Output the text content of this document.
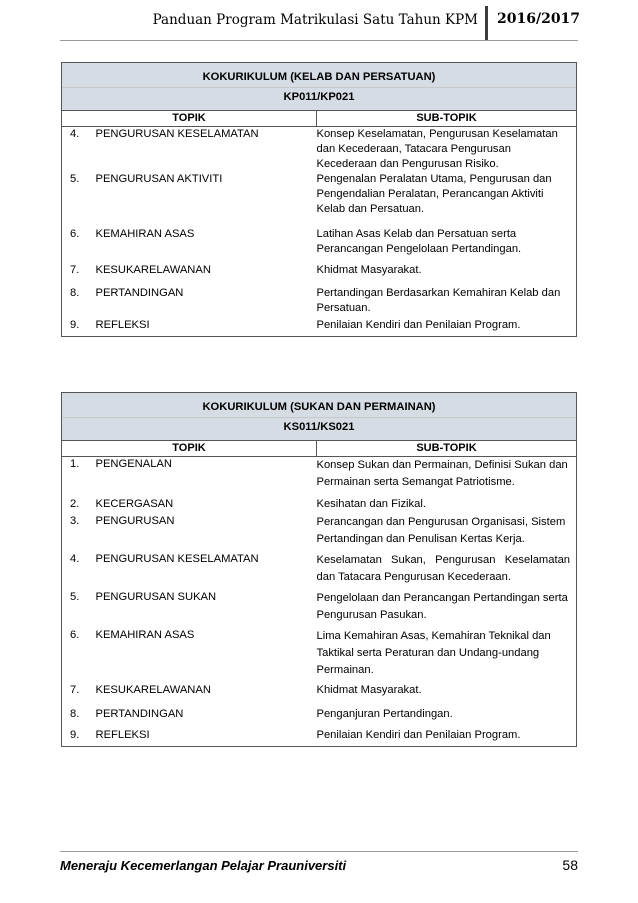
Panduan Program Matrikulasi Satu Tahun KPM 2016/2017
KOKURIKULUM (KELAB DAN PERSATUAN)		
KP011/KP021		
TOPIK		SUB-TOPIK
4.	PENGURUSAN KESELAMATAN	Konsep Keselamatan, Pengurusan Keselamatan dan Kecederaan, Tatacara Pengurusan Kecederaan dan Pengurusan Risiko.
5.	PENGURUSAN AKTIVITI	Pengenalan Peralatan Utama, Pengurusan dan Pengendalian Peralatan, Perancangan Aktiviti Kelab dan Persatuan.
6.	KEMAHIRAN ASAS	Latihan Asas Kelab dan Persatuan serta Perancangan Pengelolaan Pertandingan.
7.	KESUKARELAWANAN	Khidmat Masyarakat.
8.	PERTANDINGAN	Pertandingan Berdasarkan Kemahiran Kelab dan Persatuan.
9.	REFLEKSI	Penilaian Kendiri dan Penilaian Program.
KOKURIKULUM (SUKAN DAN PERMAINAN)		
KS011/KS021		
TOPIK		SUB-TOPIK
1.	PENGENALAN	Konsep Sukan dan Permainan, Definisi Sukan dan Permainan serta Semangat Patriotisme.
2.	KECERGASAN	Kesihatan dan Fizikal.
3.	PENGURUSAN	Perancangan dan Pengurusan Organisasi, Sistem Pertandingan dan Penulisan Kertas Kerja.
4.	PENGURUSAN KESELAMATAN	Keselamatan Sukan, Pengurusan Keselamatan dan Tatacara Pengurusan Kecederaan.
5.	PENGURUSAN SUKAN	Pengelolaan dan Perancangan Pertandingan serta Pengurusan Pasukan.
6.	KEMAHIRAN ASAS	Lima Kemahiran Asas, Kemahiran Teknikal dan Taktikal serta Peraturan dan Undang-undang Permainan.
7.	KESUKARELAWANAN	Khidmat Masyarakat.
8.	PERTANDINGAN	Penganjuran Pertandingan.
9.	REFLEKSI	Penilaian Kendiri dan Penilaian Program.
Meneraju Kecemerlangan Pelajar Prauniversiti	58
